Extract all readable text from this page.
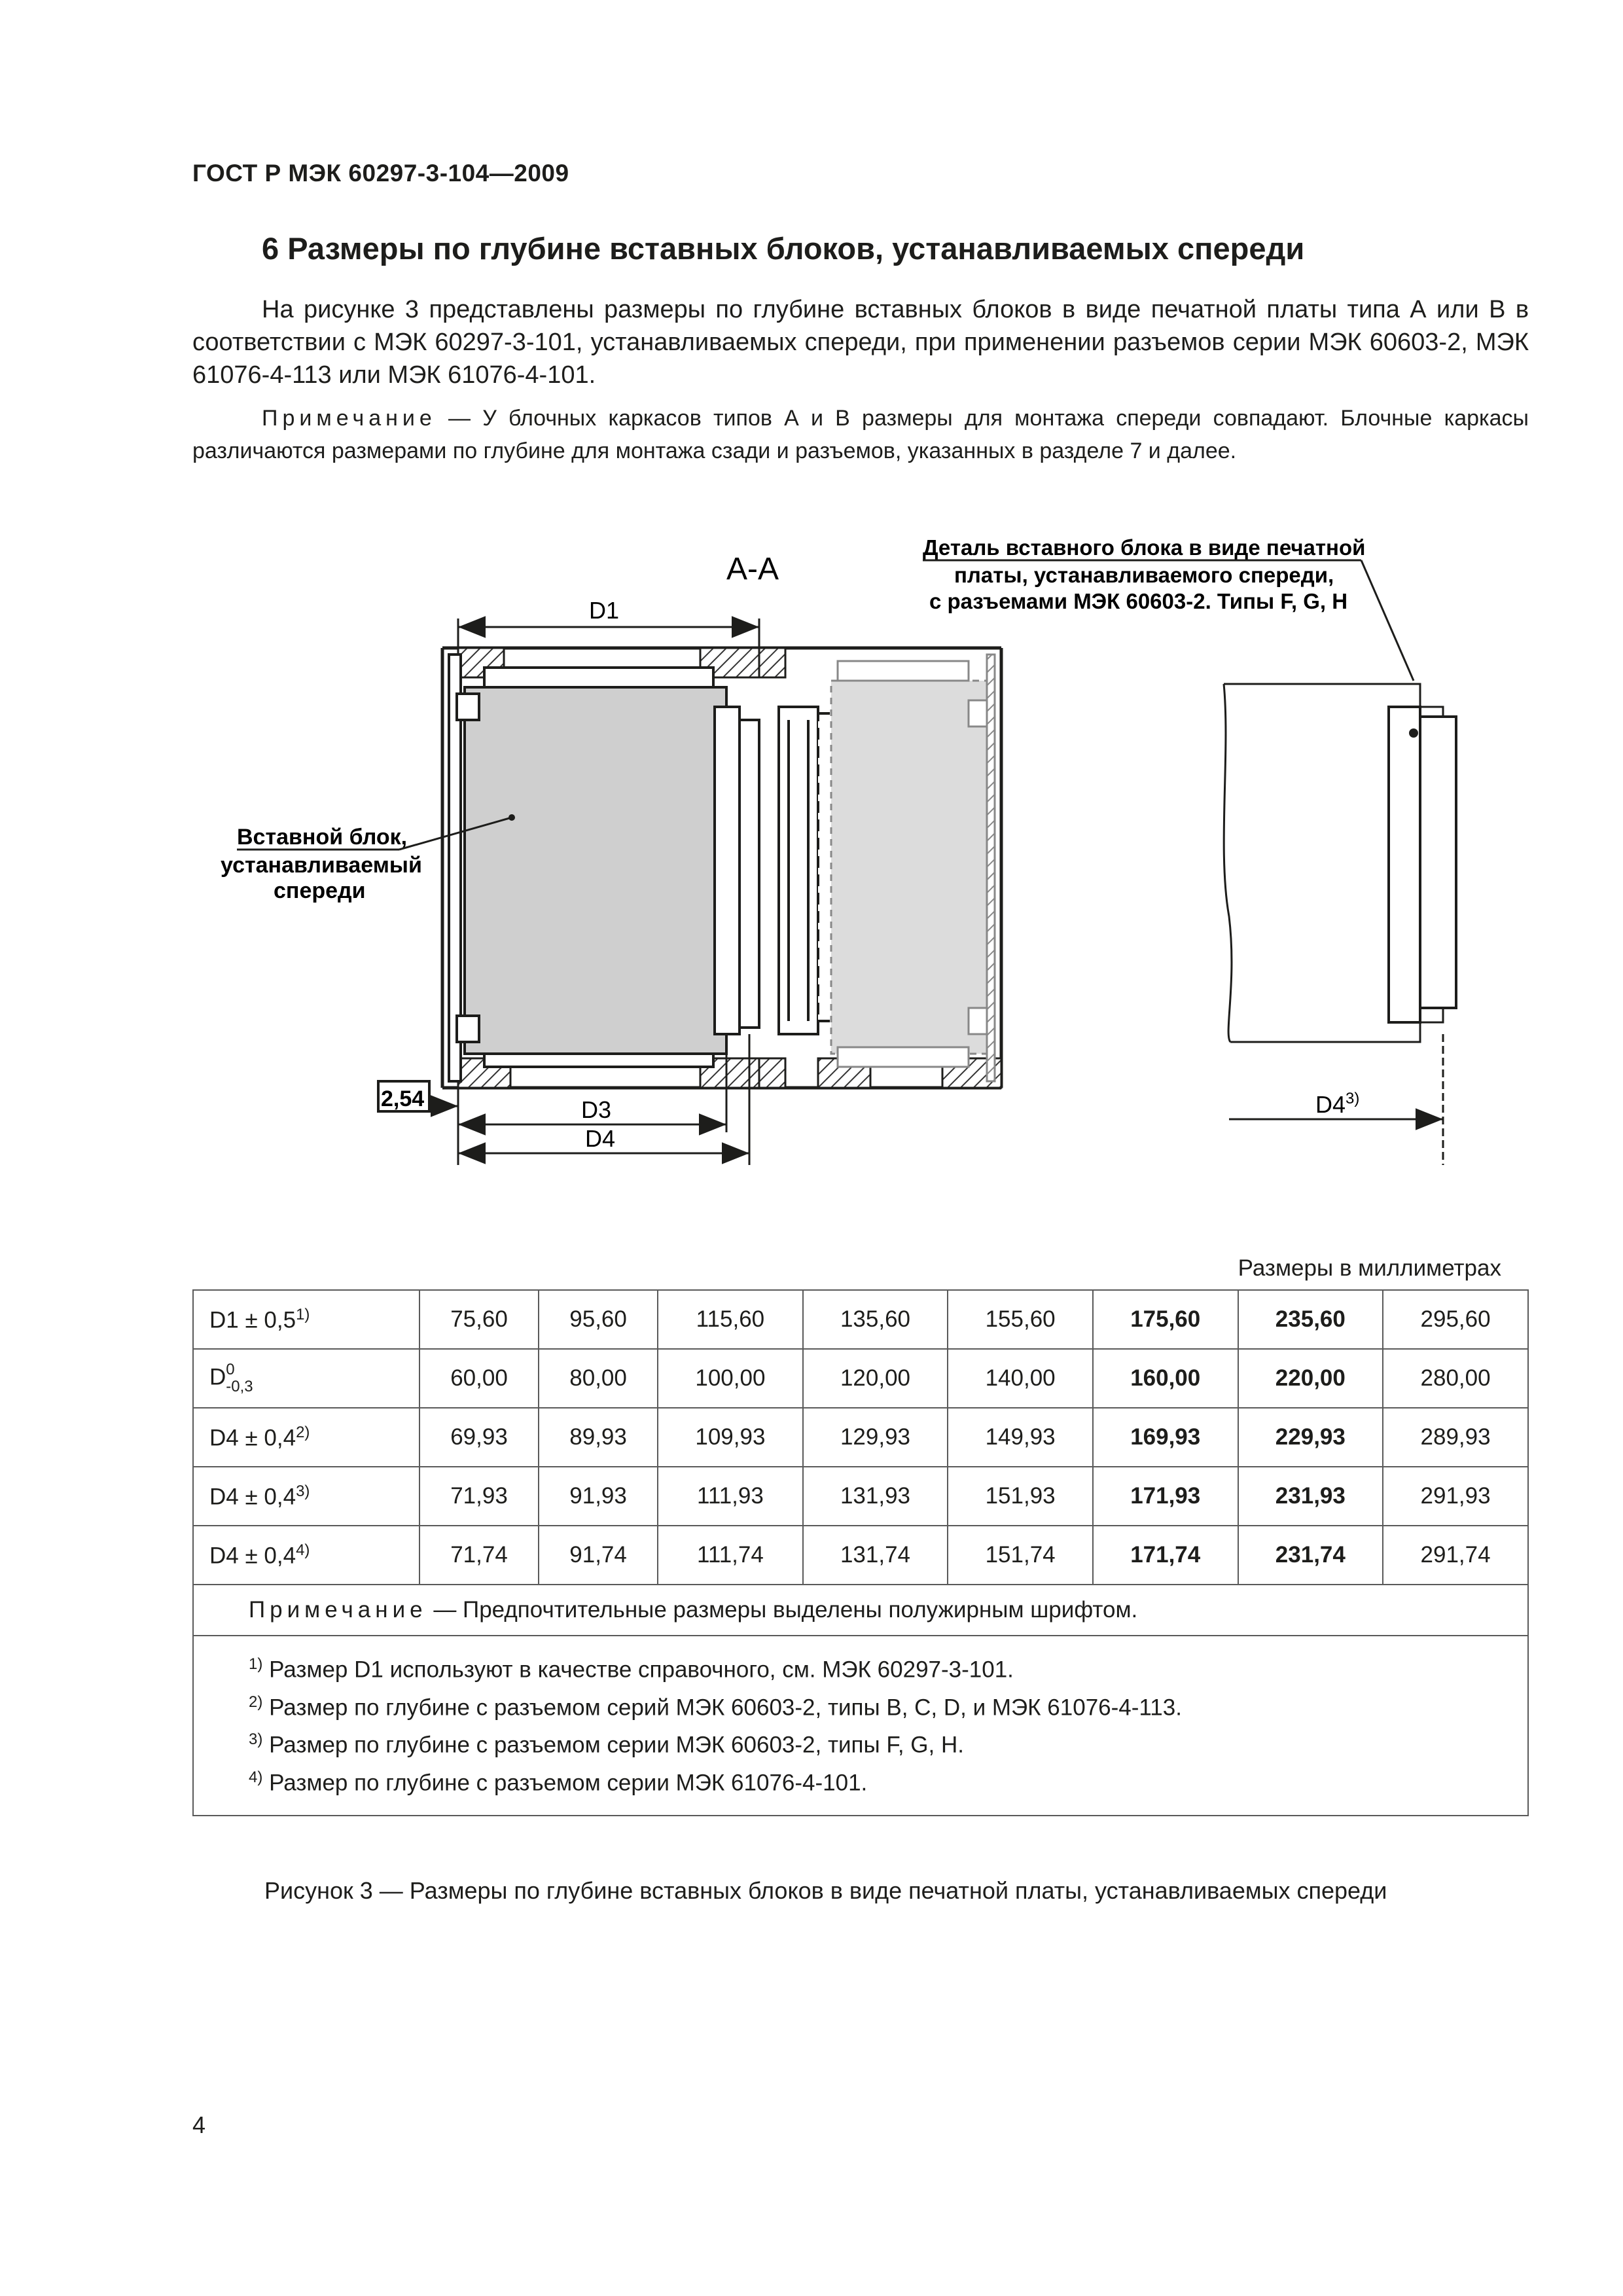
ГОСТ Р МЭК 60297-3-104—2009
6 Размеры по глубине вставных блоков, устанавливаемых спереди
На рисунке 3 представлены размеры по глубине вставных блоков в виде печатной платы типа А или В в соответствии с МЭК 60297-3-101, устанавливаемых спереди, при применении разъемов серии МЭК 60603-2, МЭК 61076-4-113 или МЭК 61076-4-101.
Примечание — У блочных каркасов типов А и В размеры для монтажа спереди совпадают. Блочные каркасы различаются размерами по глубине для монтажа сзади и разъемов, указанных в разделе 7 и далее.
А-А
D1
2,54	D3
D4
Вставной блок,
устанавливаемый
спереди
Деталь вставного блока в виде печатной
платы, устанавливаемого спереди,
с разъемами МЭК 60603-2. Типы F, G, H
D4$^{3)}$
Размеры в миллиметрах
$D1 \pm 0,5^{1)}$	75,60	95,60	115,60	135,60	155,60	175,60	235,60	295,60
D0
-0,3	60,00	80,00	100,00	120,00	140,00	160,00	220,00	280,00
$D4 \pm 0,4^{2)}$	69,93	89,93	109,93	129,93	149,93	169,93	229,93	289,93
$D4 \pm 0,4^{3)}$	71,93	91,93	111,93	131,93	151,93	171,93	231,93	291,93
$D4 \pm 0,4^{4)}$	71,74	91,74	111,74	131,74	151,74	171,74	231,74	291,74
Примечание — Предпочтительные размеры выделены полужирным шрифтом.								

$^{1)}$ Размер D1 используют в качестве справочного, см. МЭК 60297-3-101.
$^{2)}$ Размер по глубине с разъемом серий МЭК 60603-2, типы B, C, D, и МЭК 61076-4-113.
$^{3)}$ Размер по глубине с разъемом серии МЭК 60603-2, типы F, G, H.
$^{4)}$ Размер по глубине с разъемом серии МЭК 61076-4-101.								
Рисунок 3 — Размеры по глубине вставных блоков в виде печатной платы, устанавливаемых спереди
4
